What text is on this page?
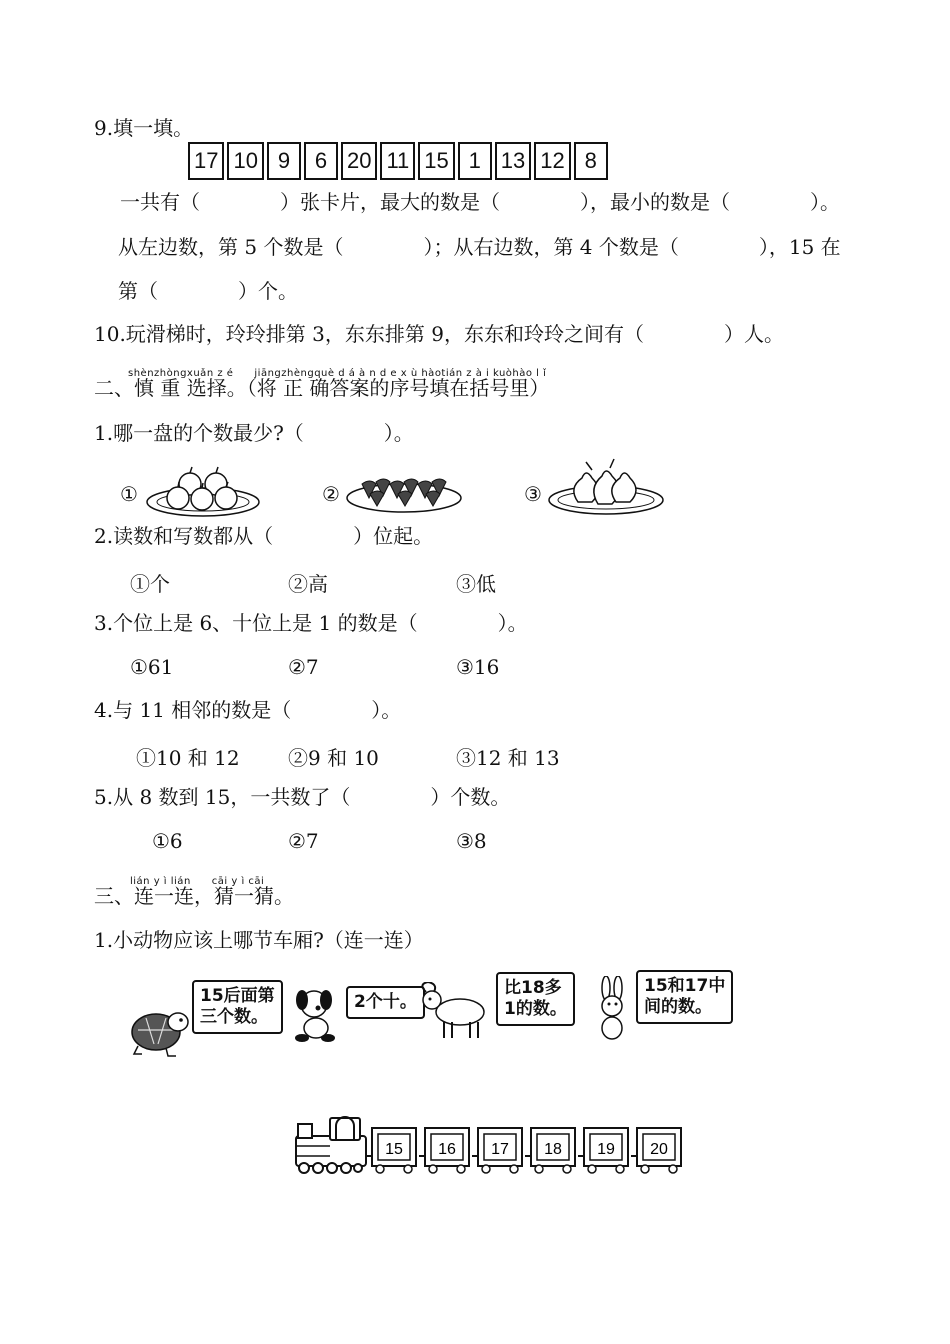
9.填一填。
17 10 9	6 20 11 15 1 13 12 8
一共有（　　　　）张卡片，最大的数是（　　　　），最小的数是（　　　　）。
从左边数，第 5 个数是（　　　　）；从右边数，第 4 个数是（　　　　），15 在
第（　　　　）个。
10.玩滑梯时，玲玲排第 3，东东排第 9，东东和玲玲之间有（　　　　）人。
shènzhòngxuǎn z é　　jiāngzhèngquè d á à n d e x ù hàotián z à i kuòhào l ǐ
二、慎 重 选择。（将 正 确答案的序号填在括号里）
1.哪一盘的个数最少?（　　　　）。
①	②	③
2.读数和写数都从（　　　　）位起。
①个	②高	③低
3.个位上是 6、十位上是 1 的数是（　　　　）。
①61	②7	③16
4.与 11 相邻的数是（　　　　）。
①10 和 12 ②9 和 10	③12 和 13
5.从 8 数到 15，一共数了（　　　　）个数。
①6	②7	③8
lián y ì lián　　cāi y ì cāi
三、连一连，猜一猜。
1.小动物应该上哪节车厢?（连一连）
15后面第
三个数。
2个十。
比18多
1的数。
15和17中
间的数。
15 16 17 18 19 20
